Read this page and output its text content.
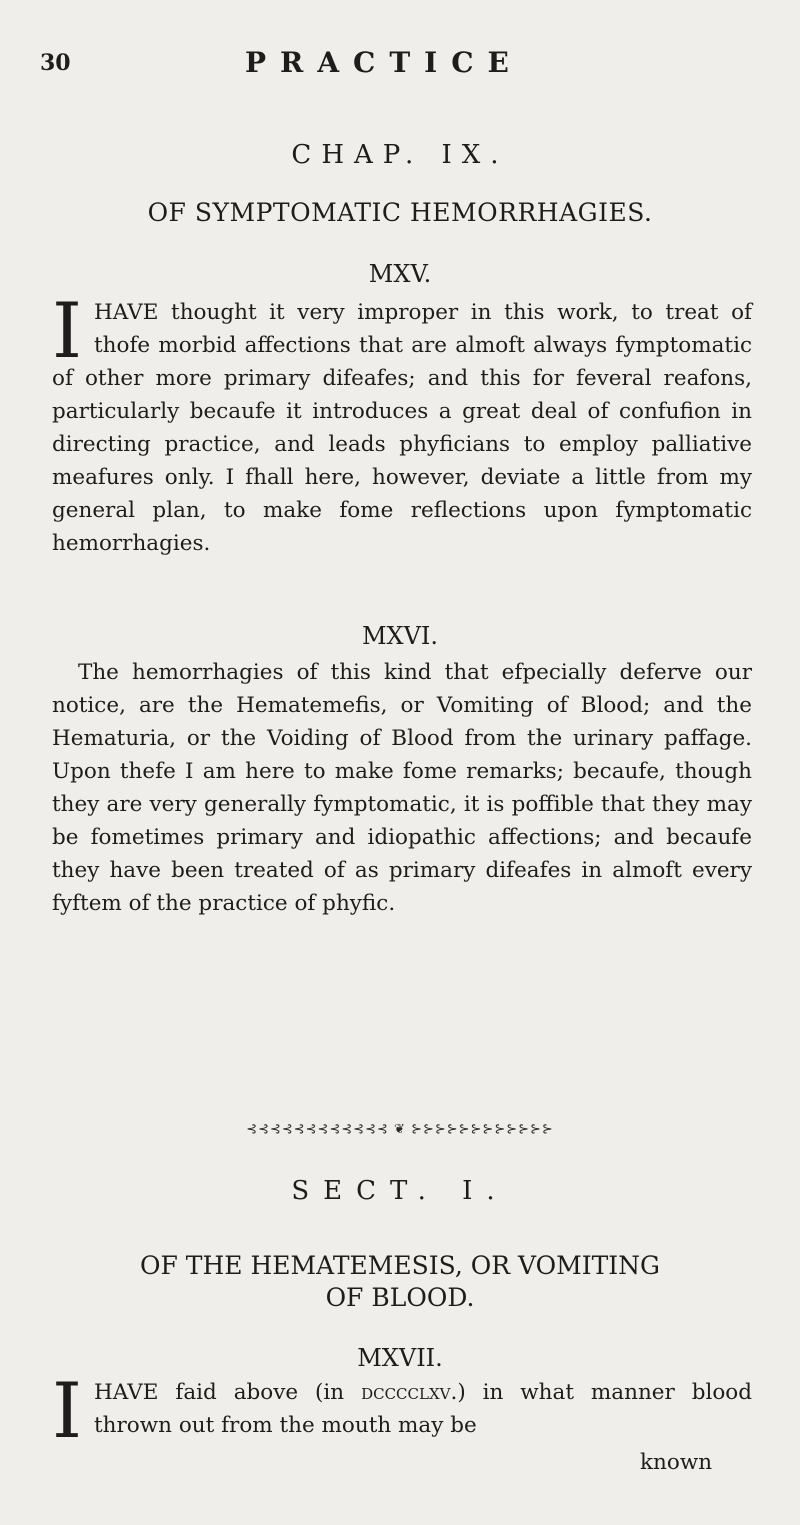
30	PRACTICE
CHAP. IX.
OF SYMPTOMATIC HEMORRHAGIES.
MXV.

IHAVE thought it very improper in this work, to treat of thofe morbid affections that are almoft always fymptomatic of other more primary difeafes; and this for feveral reafons, particularly becaufe it introduces a great deal of confufion in directing practice, and leads phyficians to employ palliative meafures only. I fhall here, however, deviate a little from my general plan, to make fome reflections upon fymptomatic hemorrhagies.

MXVI.

The hemorrhagies of this kind that efpecially deferve our notice, are the Hematemefis, or Vomiting of Blood; and the Hematuria, or the Voiding of Blood from the urinary paffage. Upon thefe I am here to make fome remarks; becaufe, though they are very generally fymptomatic, it is poffible that they may be fometimes primary and idiopathic affections; and becaufe they have been treated of as primary difeafes in almoft every fyftem of the practice of phyfic.

⊰⊰⊰⊰⊰⊰⊰⊰⊰⊰⊰⊰ ❦ ⊱⊱⊱⊱⊱⊱⊱⊱⊱⊱⊱⊱
SECT. I.
OF THE HEMATEMESIS, OR VOMITING
OF BLOOD.
MXVII.

IHAVE faid above (in dcccclxv.) in what manner blood thrown out from the mouth may be

known
